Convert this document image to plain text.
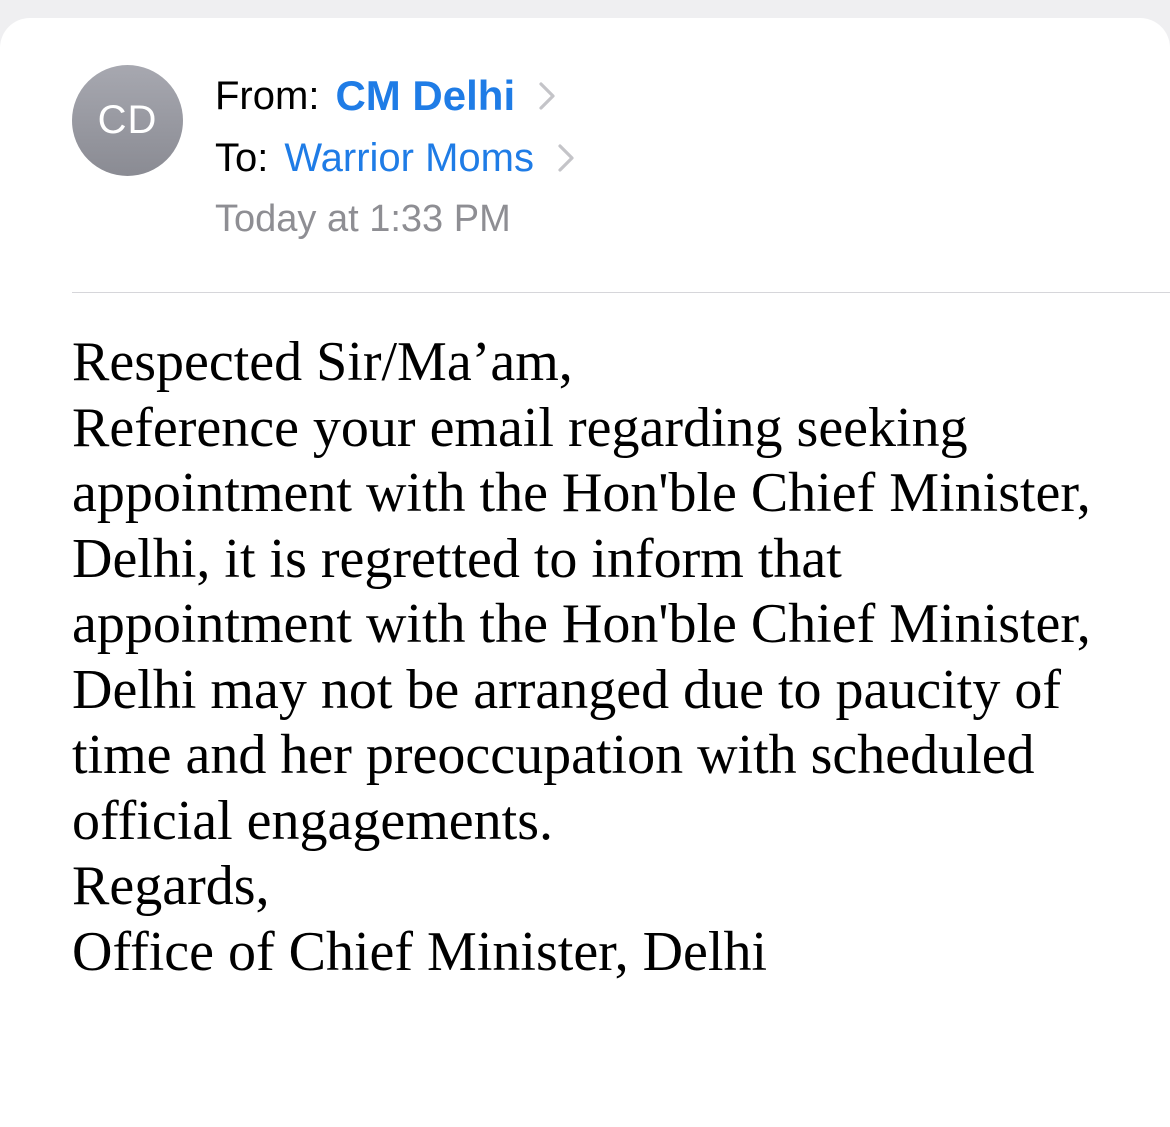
CD
From: CM Delhi
To: Warrior Moms
Today at 1:33 PM

Respected Sir/Ma’am,

Reference your email regarding seeking appointment with the Hon'ble Chief Minister, Delhi, it is regretted to inform that appointment with the Hon'ble Chief Minister, Delhi may not be arranged due to paucity of time and her preoccupation with scheduled official engagements.

Regards,

Office of Chief Minister, Delhi
